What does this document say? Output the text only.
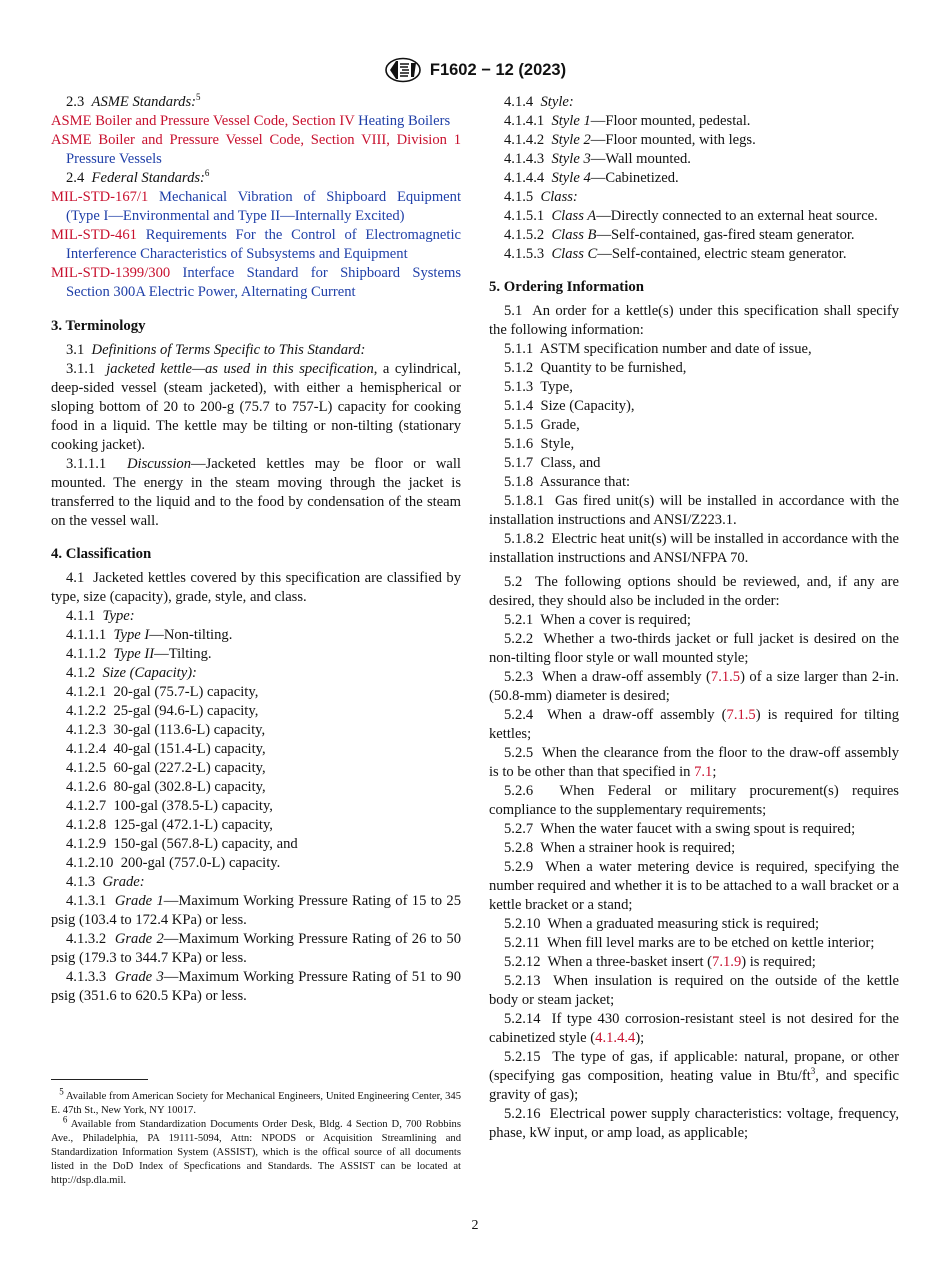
F1602 − 12 (2023)

2.3 ASME Standards:$^5$

ASME Boiler and Pressure Vessel Code, Section IV Heating Boilers

ASME Boiler and Pressure Vessel Code, Section VIII, Division 1 Pressure Vessels

2.4 Federal Standards:$^6$

MIL-STD-167/1 Mechanical Vibration of Shipboard Equipment (Type I—Environmental and Type II—Internally Excited)

MIL-STD-461 Requirements For the Control of Electromagnetic Interference Characteristics of Subsystems and Equipment

MIL-STD-1399/300 Interface Standard for Shipboard Systems Section 300A Electric Power, Alternating Current

3. Terminology

3.1 Definitions of Terms Specific to This Standard:

3.1.1 jacketed kettle—as used in this specification, a cylindrical, deep-sided vessel (steam jacketed), with either a hemispherical or sloping bottom of 20 to 200-g (75.7 to 757-L) capacity for cooking food in a liquid. The kettle may be tilting or non-tilting (stationary cooking jacket).

3.1.1.1 Discussion—Jacketed kettles may be floor or wall mounted. The energy in the steam moving through the jacket is transferred to the liquid and to the food by condensation of the steam on the vessel wall.

4. Classification

4.1 Jacketed kettles covered by this specification are classified by type, size (capacity), grade, style, and class.

4.1.1 Type:

4.1.1.1 Type I—Non-tilting.

4.1.1.2 Type II—Tilting.

4.1.2 Size (Capacity):

4.1.2.1 20-gal (75.7-L) capacity,

4.1.2.2 25-gal (94.6-L) capacity,

4.1.2.3 30-gal (113.6-L) capacity,

4.1.2.4 40-gal (151.4-L) capacity,

4.1.2.5 60-gal (227.2-L) capacity,

4.1.2.6 80-gal (302.8-L) capacity,

4.1.2.7 100-gal (378.5-L) capacity,

4.1.2.8 125-gal (472.1-L) capacity,

4.1.2.9 150-gal (567.8-L) capacity, and

4.1.2.10 200-gal (757.0-L) capacity.

4.1.3 Grade:

4.1.3.1 Grade 1—Maximum Working Pressure Rating of 15 to 25 psig (103.4 to 172.4 KPa) or less.

4.1.3.2 Grade 2—Maximum Working Pressure Rating of 26 to 50 psig (179.3 to 344.7 KPa) or less.

4.1.3.3 Grade 3—Maximum Working Pressure Rating of 51 to 90 psig (351.6 to 620.5 KPa) or less.

$^5$ Available from American Society for Mechanical Engineers, United Engineering Center, 345 E. 47th St., New York, NY 10017.

$^6$ Available from Standardization Documents Order Desk, Bldg. 4 Section D, 700 Robbins Ave., Philadelphia, PA 19111-5094, Attn: NPODS or Acquisition Streamlining and Standardization Information System (ASSIST), which is the offical source of all documents listed in the DoD Index of Specfications and Standards. The ASSIST can be located at http://dsp.dla.mil.

4.1.4 Style:

4.1.4.1 Style 1—Floor mounted, pedestal.

4.1.4.2 Style 2—Floor mounted, with legs.

4.1.4.3 Style 3—Wall mounted.

4.1.4.4 Style 4—Cabinetized.

4.1.5 Class:

4.1.5.1 Class A—Directly connected to an external heat source.

4.1.5.2 Class B—Self-contained, gas-fired steam generator.

4.1.5.3 Class C—Self-contained, electric steam generator.

5. Ordering Information

5.1 An order for a kettle(s) under this specification shall specify the following information:

5.1.1 ASTM specification number and date of issue,

5.1.2 Quantity to be furnished,

5.1.3 Type,

5.1.4 Size (Capacity),

5.1.5 Grade,

5.1.6 Style,

5.1.7 Class, and

5.1.8 Assurance that:

5.1.8.1 Gas fired unit(s) will be installed in accordance with the installation instructions and ANSI/Z223.1.

5.1.8.2 Electric heat unit(s) will be installed in accordance with the installation instructions and ANSI/NFPA 70.

5.2 The following options should be reviewed, and, if any are desired, they should also be included in the order:

5.2.1 When a cover is required;

5.2.2 Whether a two-thirds jacket or full jacket is desired on the non-tilting floor style or wall mounted style;

5.2.3 When a draw-off assembly (7.1.5) of a size larger than 2-in. (50.8-mm) diameter is desired;

5.2.4 When a draw-off assembly (7.1.5) is required for tilting kettles;

5.2.5 When the clearance from the floor to the draw-off assembly is to be other than that specified in 7.1;

5.2.6 When Federal or military procurement(s) requires compliance to the supplementary requirements;

5.2.7 When the water faucet with a swing spout is required;

5.2.8 When a strainer hook is required;

5.2.9 When a water metering device is required, specifying the number required and whether it is to be attached to a wall bracket or a kettle bracket or a stand;

5.2.10 When a graduated measuring stick is required;

5.2.11 When fill level marks are to be etched on kettle interior;

5.2.12 When a three-basket insert (7.1.9) is required;

5.2.13 When insulation is required on the outside of the kettle body or steam jacket;

5.2.14 If type 430 corrosion-resistant steel is not desired for the cabinetized style (4.1.4.4);

5.2.15 The type of gas, if applicable: natural, propane, or other (specifying gas composition, heating value in Btu/$ft^3$, and specific gravity of gas);

5.2.16 Electrical power supply characteristics: voltage, frequency, phase, kW input, or amp load, as applicable;

2
